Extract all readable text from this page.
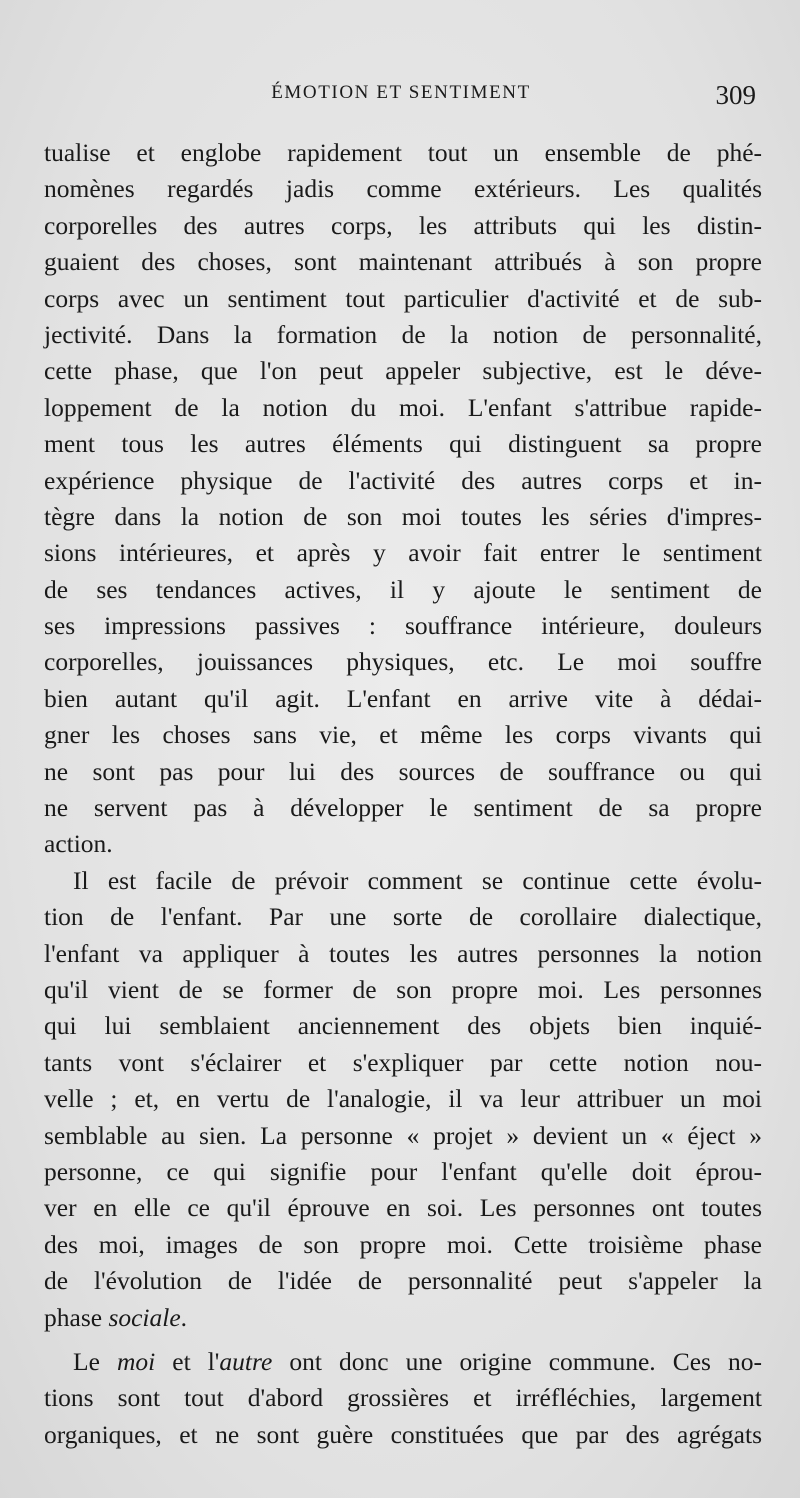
ÉMOTION ET SENTIMENT	309
tualise et englobe rapidement tout un ensemble de phé-
nomènes regardés jadis comme extérieurs. Les qualités
corporelles des autres corps, les attributs qui les distin-
guaient des choses, sont maintenant attribués à son propre
corps avec un sentiment tout particulier d'activité et de sub-
jectivité. Dans la formation de la notion de personnalité,
cette phase, que l'on peut appeler subjective, est le déve-
loppement de la notion du moi. L'enfant s'attribue rapide-
ment tous les autres éléments qui distinguent sa propre
expérience physique de l'activité des autres corps et in-
tègre dans la notion de son moi toutes les séries d'impres-
sions intérieures, et après y avoir fait entrer le sentiment
de ses tendances actives, il y ajoute le sentiment de
ses impressions passives : souffrance intérieure, douleurs
corporelles, jouissances physiques, etc. Le moi souffre
bien autant qu'il agit. L'enfant en arrive vite à dédai-
gner les choses sans vie, et même les corps vivants qui
ne sont pas pour lui des sources de souffrance ou qui
ne servent pas à développer le sentiment de sa propre
action.
Il est facile de prévoir comment se continue cette évolu-
tion de l'enfant. Par une sorte de corollaire dialectique,
l'enfant va appliquer à toutes les autres personnes la notion
qu'il vient de se former de son propre moi. Les personnes
qui lui semblaient anciennement des objets bien inquié-
tants vont s'éclairer et s'expliquer par cette notion nou-
velle ; et, en vertu de l'analogie, il va leur attribuer un moi
semblable au sien. La personne « projet » devient un « éject »
personne, ce qui signifie pour l'enfant qu'elle doit éprou-
ver en elle ce qu'il éprouve en soi. Les personnes ont toutes
des moi, images de son propre moi. Cette troisième phase
de l'évolution de l'idée de personnalité peut s'appeler la
phase sociale.
Le moi et l'autre ont donc une origine commune. Ces no-
tions sont tout d'abord grossières et irréfléchies, largement
organiques, et ne sont guère constituées que par des agrégats
